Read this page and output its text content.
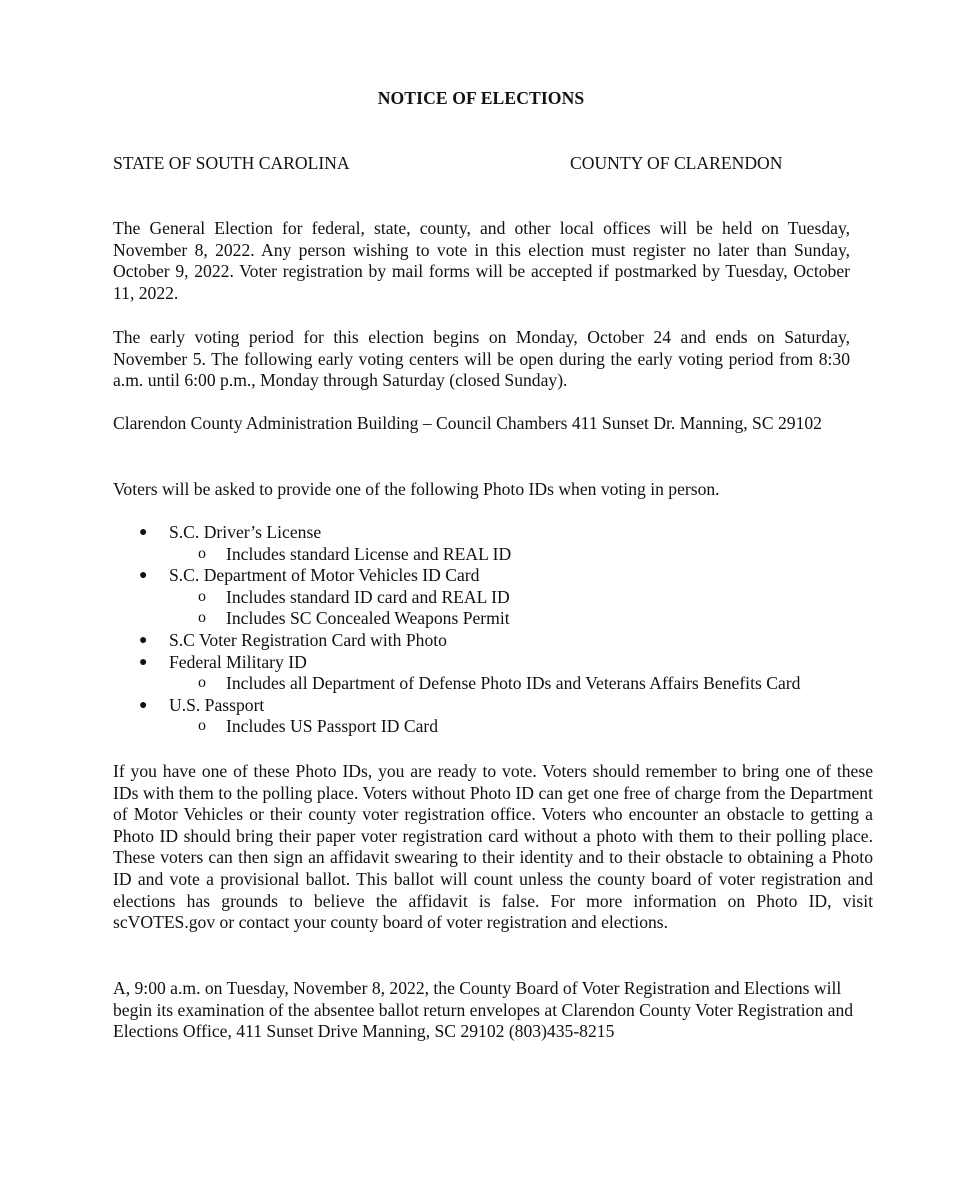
NOTICE OF ELECTIONS
STATE OF SOUTH CAROLINA	COUNTY OF CLARENDON

The General Election for federal, state, county, and other local offices will be held on Tuesday, November 8, 2022. Any person wishing to vote in this election must register no later than Sunday, October 9, 2022. Voter registration by mail forms will be accepted if postmarked by Tuesday, October 11, 2022.

The early voting period for this election begins on Monday, October 24 and ends on Saturday, November 5. The following early voting centers will be open during the early voting period from 8:30 a.m. until 6:00 p.m., Monday through Saturday (closed Sunday).

Clarendon County Administration Building – Council Chambers 411 Sunset Dr. Manning, SC 29102

Voters will be asked to provide one of the following Photo IDs when voting in person.

● S.C. Driver’s License
o Includes standard License and REAL ID
● S.C. Department of Motor Vehicles ID Card
o Includes standard ID card and REAL ID
o Includes SC Concealed Weapons Permit
● S.C Voter Registration Card with Photo
● Federal Military ID
o Includes all Department of Defense Photo IDs and Veterans Affairs Benefits Card
● U.S. Passport
o Includes US Passport ID Card

If you have one of these Photo IDs, you are ready to vote. Voters should remember to bring one of these IDs with them to the polling place. Voters without Photo ID can get one free of charge from the Department of Motor Vehicles or their county voter registration office. Voters who encounter an obstacle to getting a Photo ID should bring their paper voter registration card without a photo with them to their polling place. These voters can then sign an affidavit swearing to their identity and to their obstacle to obtaining a Photo ID and vote a provisional ballot. This ballot will count unless the county board of voter registration and elections has grounds to believe the affidavit is false. For more information on Photo ID, visit scVOTES.gov or contact your county board of voter registration and elections.

A, 9:00 a.m. on Tuesday, November 8, 2022, the County Board of Voter Registration and Elections will begin its examination of the absentee ballot return envelopes at Clarendon County Voter Registration and Elections Office, 411 Sunset Drive Manning, SC 29102 (803)435-8215
